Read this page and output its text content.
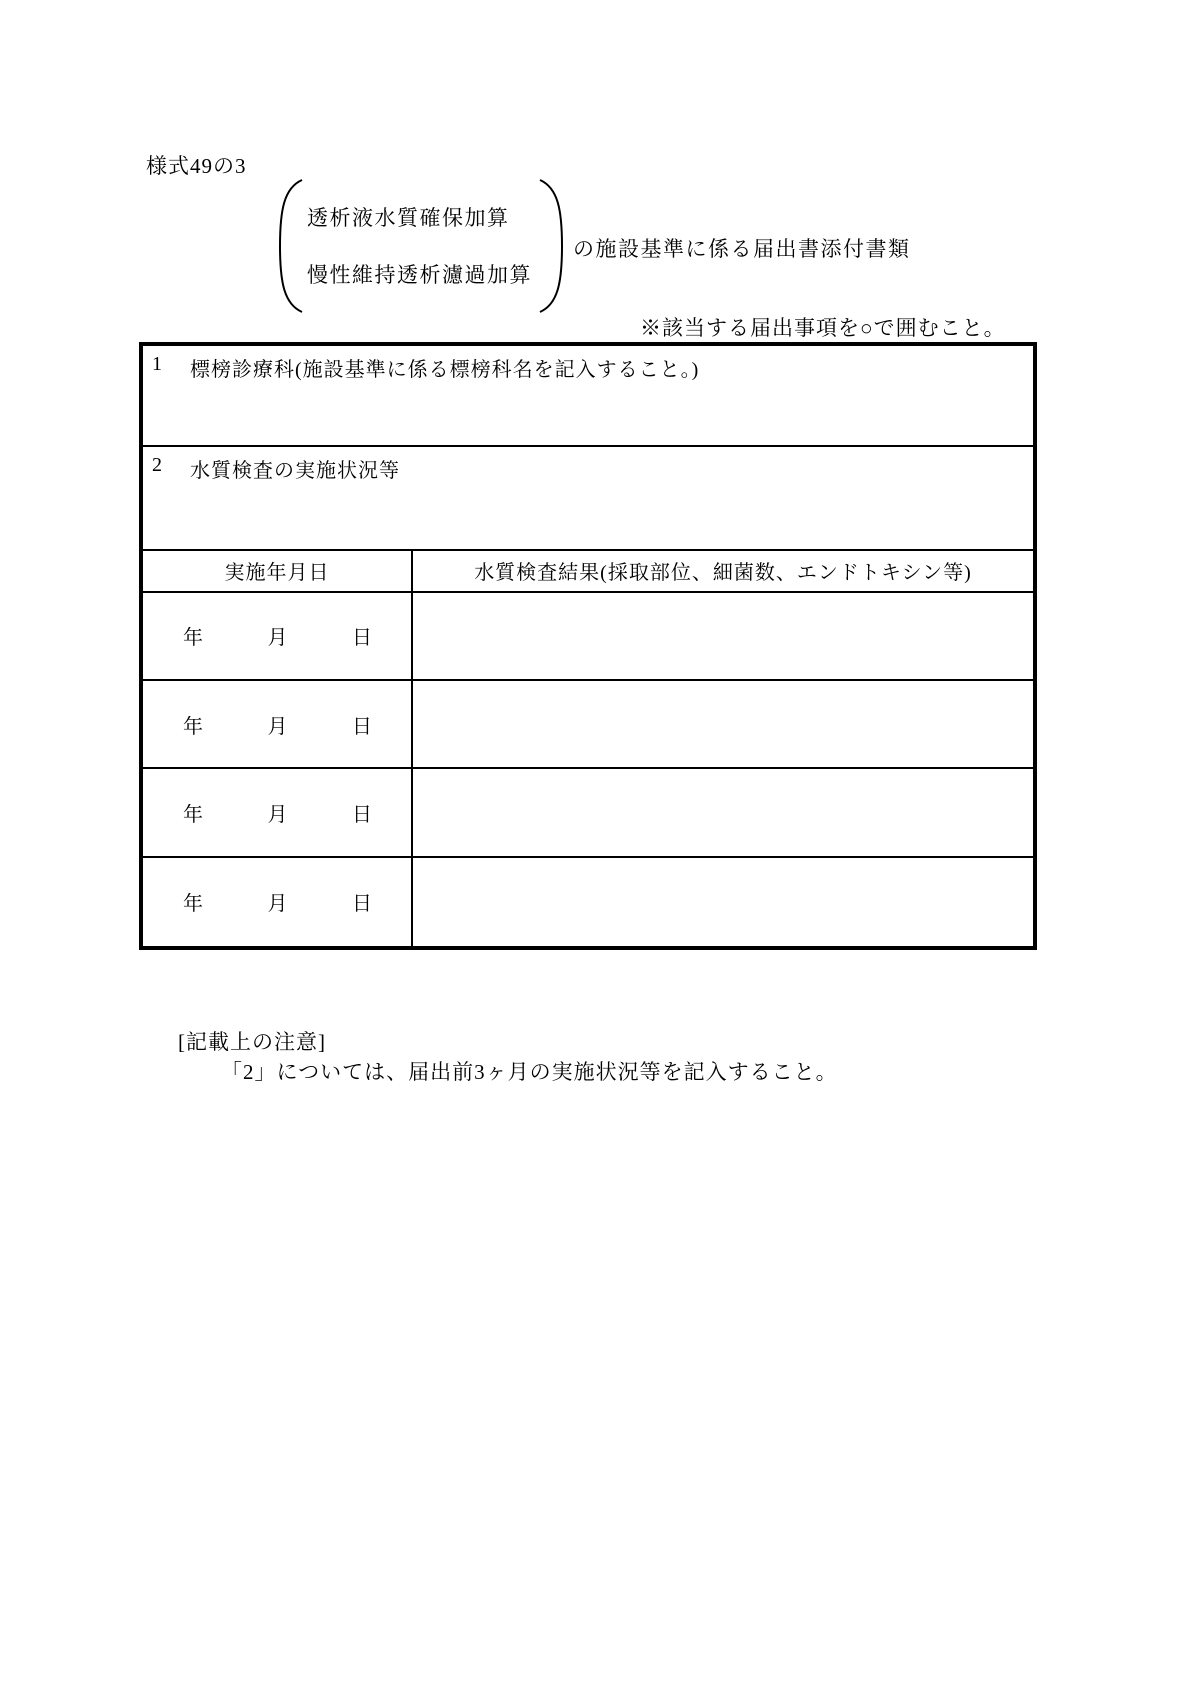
様式49の3
透析液水質確保加算
慢性維持透析濾過加算
の施設基準に係る届出書添付書類
※該当する届出事項を○で囲むこと。
1 標榜診療科(施設基準に係る標榜科名を記入すること。)	

2 水質検査の実施状況等	

実施年月日	水質検査結果(採取部位、細菌数、エンドトキシン等)

年 月 日	

年 月 日	

年 月 日	

年 月 日	

[記載上の注意]
「2」については、届出前3ヶ月の実施状況等を記入すること。
